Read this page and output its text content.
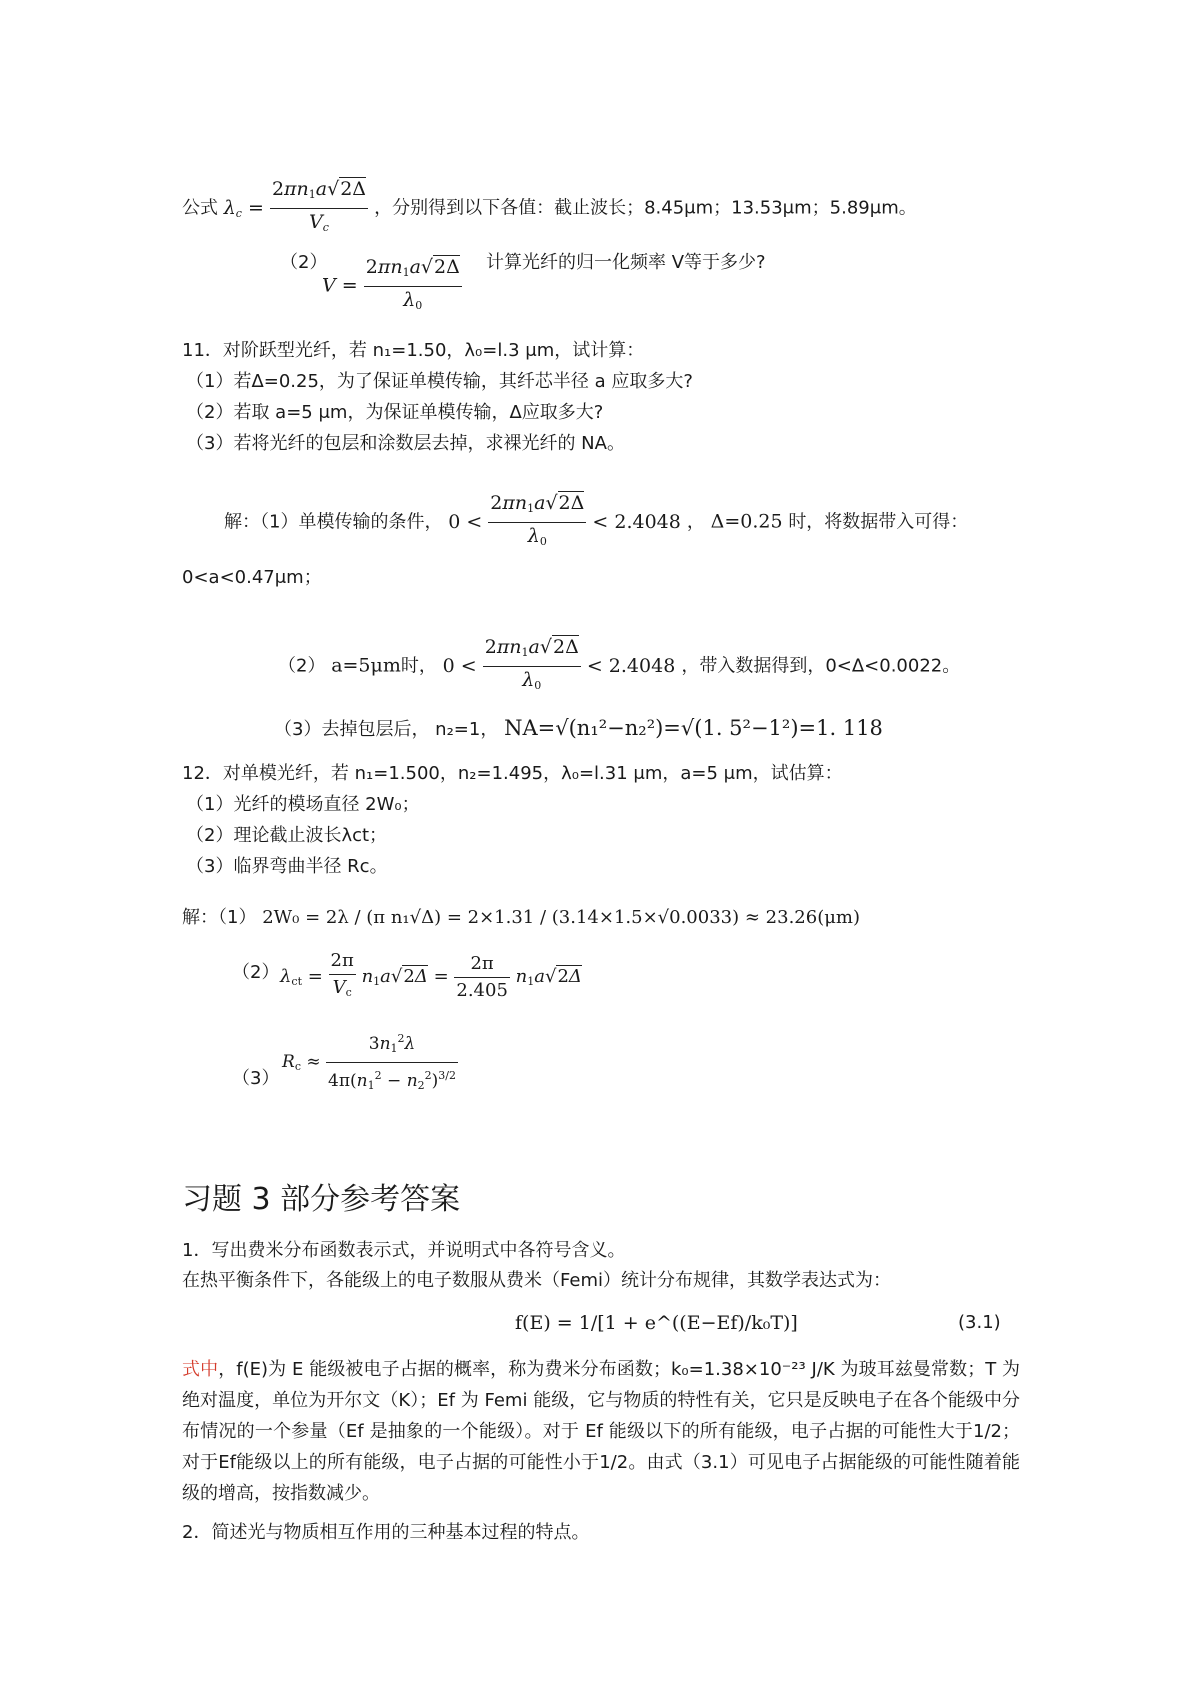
公式 $\lambda_c = \frac{2\pi n_1a√2\Delta}{V_c}$ ，分别得到以下各值：截止波长；8.45μm；13.53μm；5.89μm。
（2）
$V = \frac{2\pi n_1a√2\Delta}{\lambda_0}$ 计算光纤的归一化频率 V等于多少?
11．对阶跃型光纤，若 n₁=1.50，λ₀=l.3 μm，试计算：
（1）若Δ=0.25，为了保证单模传输，其纤芯半径 a 应取多大?
（2）若取 a=5 μm，为保证单模传输，Δ应取多大?
（3）若将光纤的包层和涂数层去掉，求裸光纤的 NA。
解：（1）单模传输的条件， $0 < \frac{2\pi n_1a√2\Delta}{\lambda_0} < 2.4048$ ， Δ=0.25 时，将数据带入可得：
0<a<0.47μm；
（2） a=5μm时， $0 < \frac{2\pi n_1a√2\Delta}{\lambda_0} < 2.4048$ ，带入数据得到，0<Δ<0.0022。
（3）去掉包层后， n₂=1， NA=√(n₁²−n₂²)=√(1. 5²−1²)=1. 118
12．对单模光纤，若 n₁=1.500，n₂=1.495，λ₀=l.31 μm，a=5 μm，试估算：
（1）光纤的模场直径 2W₀；
（2）理论截止波长λct；
（3）临界弯曲半径 Rc。
解：（1） 2W₀ = 2λ / (π n₁√Δ) = 2×1.31 / (3.14×1.5×√0.0033) ≈ 23.26(μm)
（2） $\lambda_{ct} = \frac{2\pi}{V_c} n_1a√2\Delta = \frac{2\pi}{2.405} n_1a√2\Delta$
（3）
$R_c \approx \frac{3n_1^2\lambda}{4\pi(n_1^2 - n_2^2)^{3/2}}$
习题 3 部分参考答案
1．写出费米分布函数表示式，并说明式中各符号含义。
在热平衡条件下，各能级上的电子数服从费米（Femi）统计分布规律，其数学表达式为：
f(E) = 1/[1 + e^((E−Ef)/k₀T)]	(3.1)
式中，f(E)为 E 能级被电子占据的概率，称为费米分布函数；k₀=1.38×10⁻²³ J/K 为玻耳兹曼常数；T 为绝对温度，单位为开尔文（K）；Ef 为 Femi 能级，它与物质的特性有关，它只是反映电子在各个能级中分布情况的一个参量（Ef 是抽象的一个能级）。对于 Ef 能级以下的所有能级，电子占据的可能性大于1/2；对于Ef能级以上的所有能级，电子占据的可能性小于1/2。由式（3.1）可见电子占据能级的可能性随着能级的增高，按指数减少。
2．简述光与物质相互作用的三种基本过程的特点。
